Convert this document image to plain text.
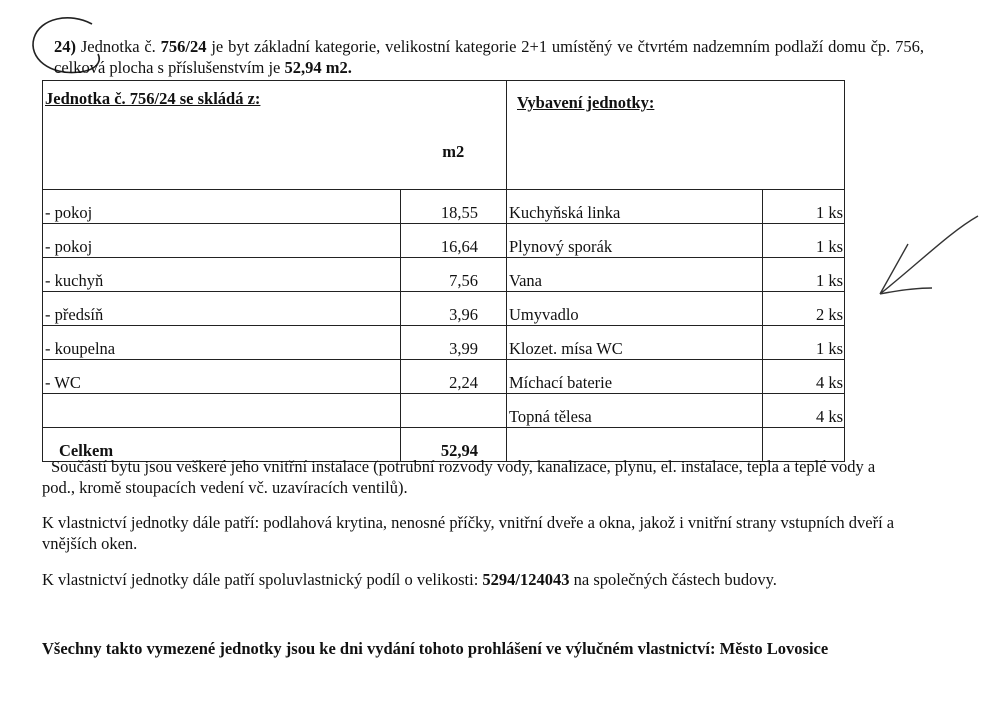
24) Jednotka č. 756/24 je byt základní kategorie, velikostní kategorie 2+1 umístěný ve čtvrtém nadzemním podlaží domu čp. 756, celková plocha s příslušenstvím je 52,94 m2.
Jednotka č. 756/24 se skládá z:	m2	Vybavení jednotky:	
- pokoj	18,55	Kuchyňská linka	1 ks
- pokoj	16,64	Plynový sporák	1 ks
- kuchyň	7,56	Vana	1 ks
- předsíň	3,96	Umyvadlo	2 ks
- koupelna	3,99	Klozet. mísa WC	1 ks
- WC	2,24	Míchací baterie	4 ks
		Topná tělesa	4 ks
Celkem	52,94		
Součástí bytu jsou veškeré jeho vnitřní instalace (potrubní rozvody vody, kanalizace, plynu, el. instalace, tepla a teplé vody a pod., kromě stoupacích vedení vč. uzavíracích ventilů).
K vlastnictví jednotky dále patří: podlahová krytina, nenosné příčky, vnitřní dveře a okna, jakož i vnitřní strany vstupních dveří a vnějších oken.
K vlastnictví jednotky dále patří spoluvlastnický podíl o velikosti: 5294/124043 na společných částech budovy.
Všechny takto vymezené jednotky jsou ke dni vydání tohoto prohlášení ve výlučném vlastnictví: Město Lovosice
